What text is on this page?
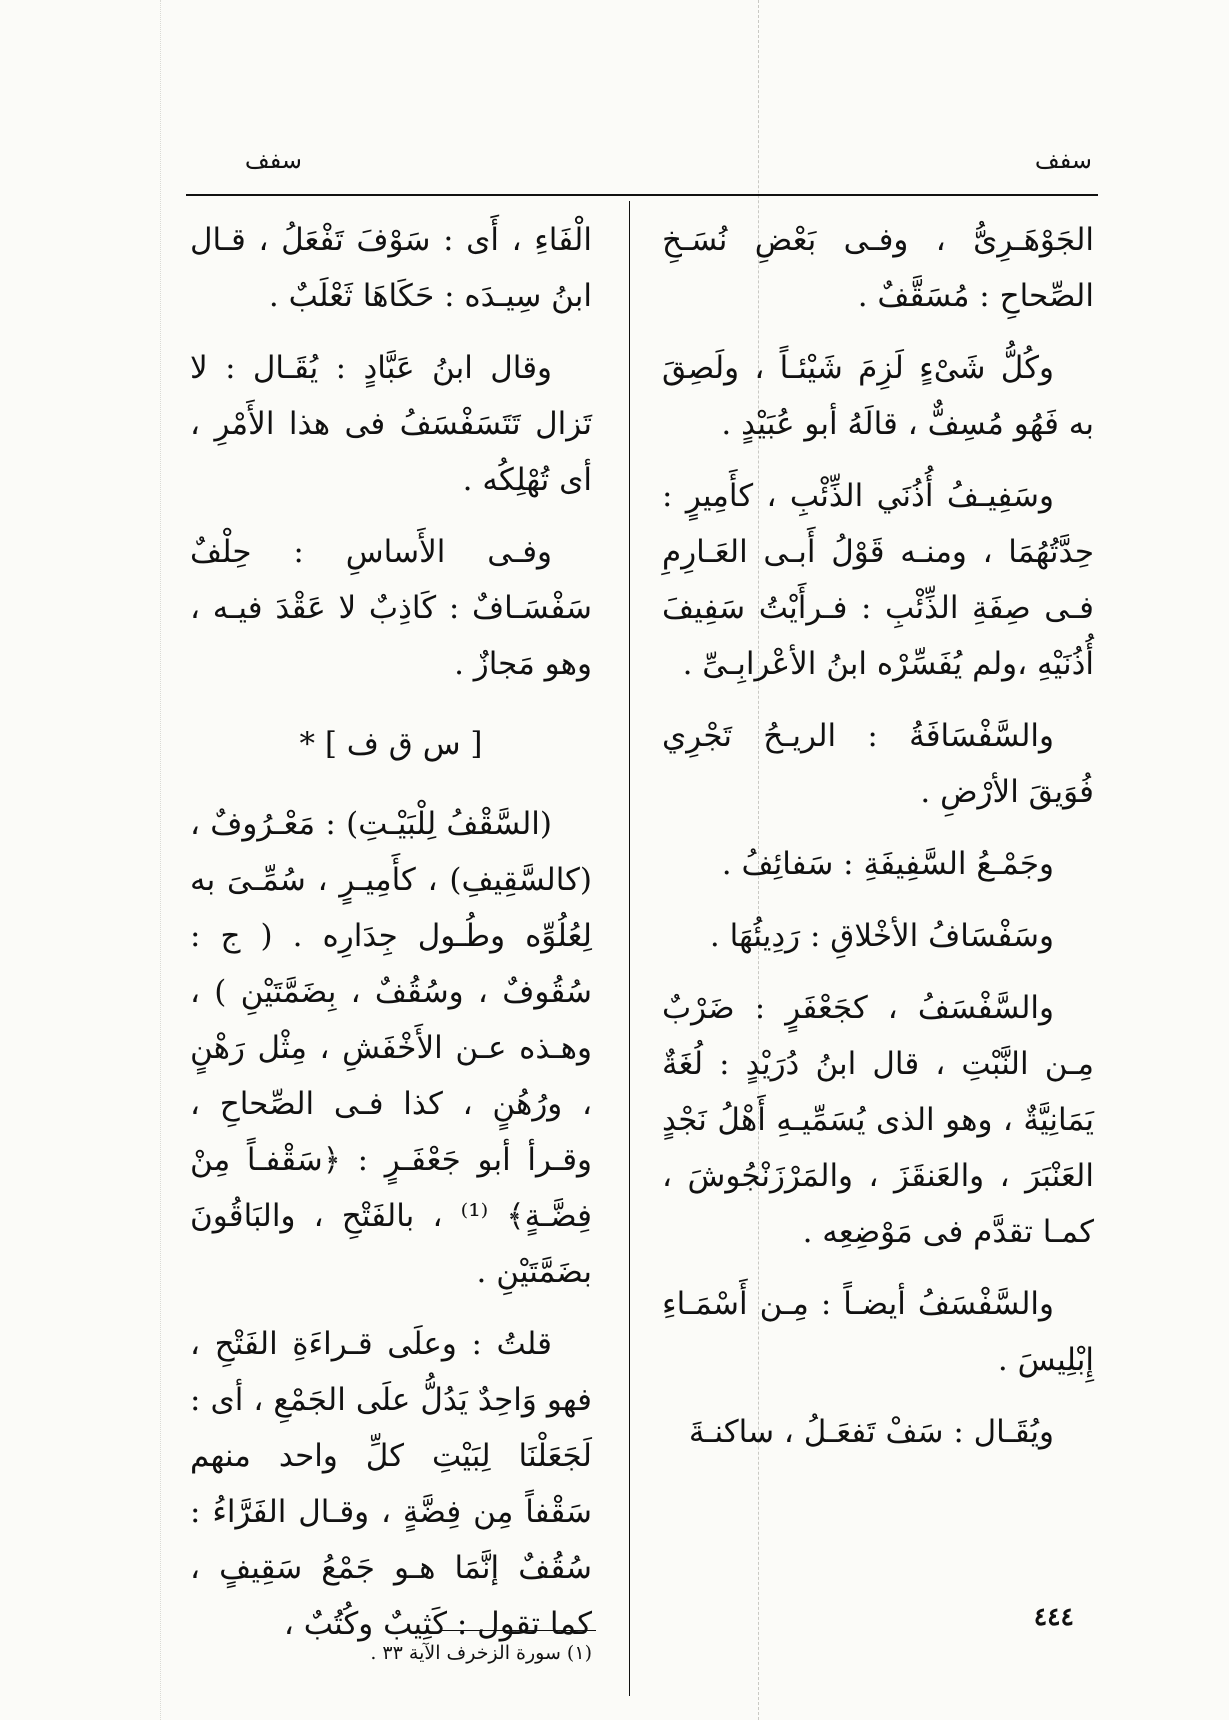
سفف
سفف

الجَوْهَـرِىُّ ، وفـى بَعْضِ نُسَـخِ الصِّحاحِ : مُسَقَّفٌ .

وكُلُّ شَىْءٍ لَزِمَ شَيْئـاً ، ولَصِقَ به فَهُو مُسِفٌّ ، قالَهُ أبو عُبَيْدٍ .

وسَفِيـفُ أُذُنَي الذِّئْبِ ، كأَمِيرٍ : حِدَّتُهُمَا ، ومنـه قَوْلُ أَبـى العَـارِمِ فـى صِفَةِ الذِّئْبِ : فـرأَيْتُ سَفِيفَ أُذُنَيْهِ ،ولم يُفَسِّرْه ابنُ الأعْرابِـىِّ .

والسَّفْسَافَةُ : الريـحُ تَجْرِي فُوَيقَ الأرْضِ .

وجَمْـعُ السَّفِيفَةِ : سَفائِفُ .

وسَفْسَافُ الأخْلاقِ : رَدِيئُهَا .

والسَّفْسَفُ ، كجَعْفَرٍ : ضَرْبٌ مِـن النَّبْتِ ، قال ابنُ دُرَيْدٍ : لُغَةٌ يَمَانِيَّةٌ ، وهو الذى يُسَمِّيـهِ أَهْلُ نَجْدٍ العَنْبَرَ ، والعَنقَزَ ، والمَرْزَنْجُوشَ ، كمـا تقدَّم فى مَوْضِعِه .

والسَّفْسَفُ أيضـاً : مِـن أَسْمَـاءِ إِبْلِيسَ .

ويُقَـال : سَفْ تَفعَـلُ ، ساكنـةَ

الْفَاءِ ، أَى : سَوْفَ تَفْعَلُ ، قـال ابنُ سِيـدَه : حَكَاهَا ثَعْلَبٌ .

وقال ابنُ عَبَّادٍ : يُقَـال : لا تَزال تَتَسَفْسَفُ فى هذا الأَمْرِ ، أى تُهْلِكُه .

وفـى الأَساسِ : حِلْفٌ سَفْسَـافٌ : كَاذِبٌ لا عَقْدَ فيـه ، وهو مَجازٌ .

[ س ق ف ] *

(السَّقْفُ لِلْبَيْـتِ) : مَعْـرُوفٌ ، (كالسَّقِيفِ) ، كأَمِيـرٍ ، سُمِّـىَ به لِعُلُوِّه وطُـول جِدَارِه . ( ج : سُقُوفٌ ، وسُقُفٌ ، بِضَمَّتَيْنِ ) ، وهـذه عـن الأَخْفَشِ ، مِثْل رَهْنٍ ، ورُهُنٍ ، كذا فـى الصِّحاحِ ، وقـرأ أبو جَعْفَـرٍ : ﴿سَقْفـاً مِنْ فِضَّـةٍ﴾ ⁽¹⁾ ، بالفَتْحِ ، والبَاقُونَ بضَمَّتَيْنِ .

قلتُ : وعلَى قـراءَةِ الفَتْحِ ، فهو وَاحِدٌ يَدُلُّ علَى الجَمْعِ ، أى : لَجَعَلْنَا لِبَيْتِ كلِّ واحد منهم سَقْفاً مِن فِضَّةٍ ، وقـال الفَرَّاءُ : سُقُفٌ إنَّمَا هـو جَمْعُ سَقِيفٍ ، كما تقول : كَثِيبٌ وكُتُبٌ ،

(١) سورة الزخرف الآية ٣٣ .
٤٤٤
